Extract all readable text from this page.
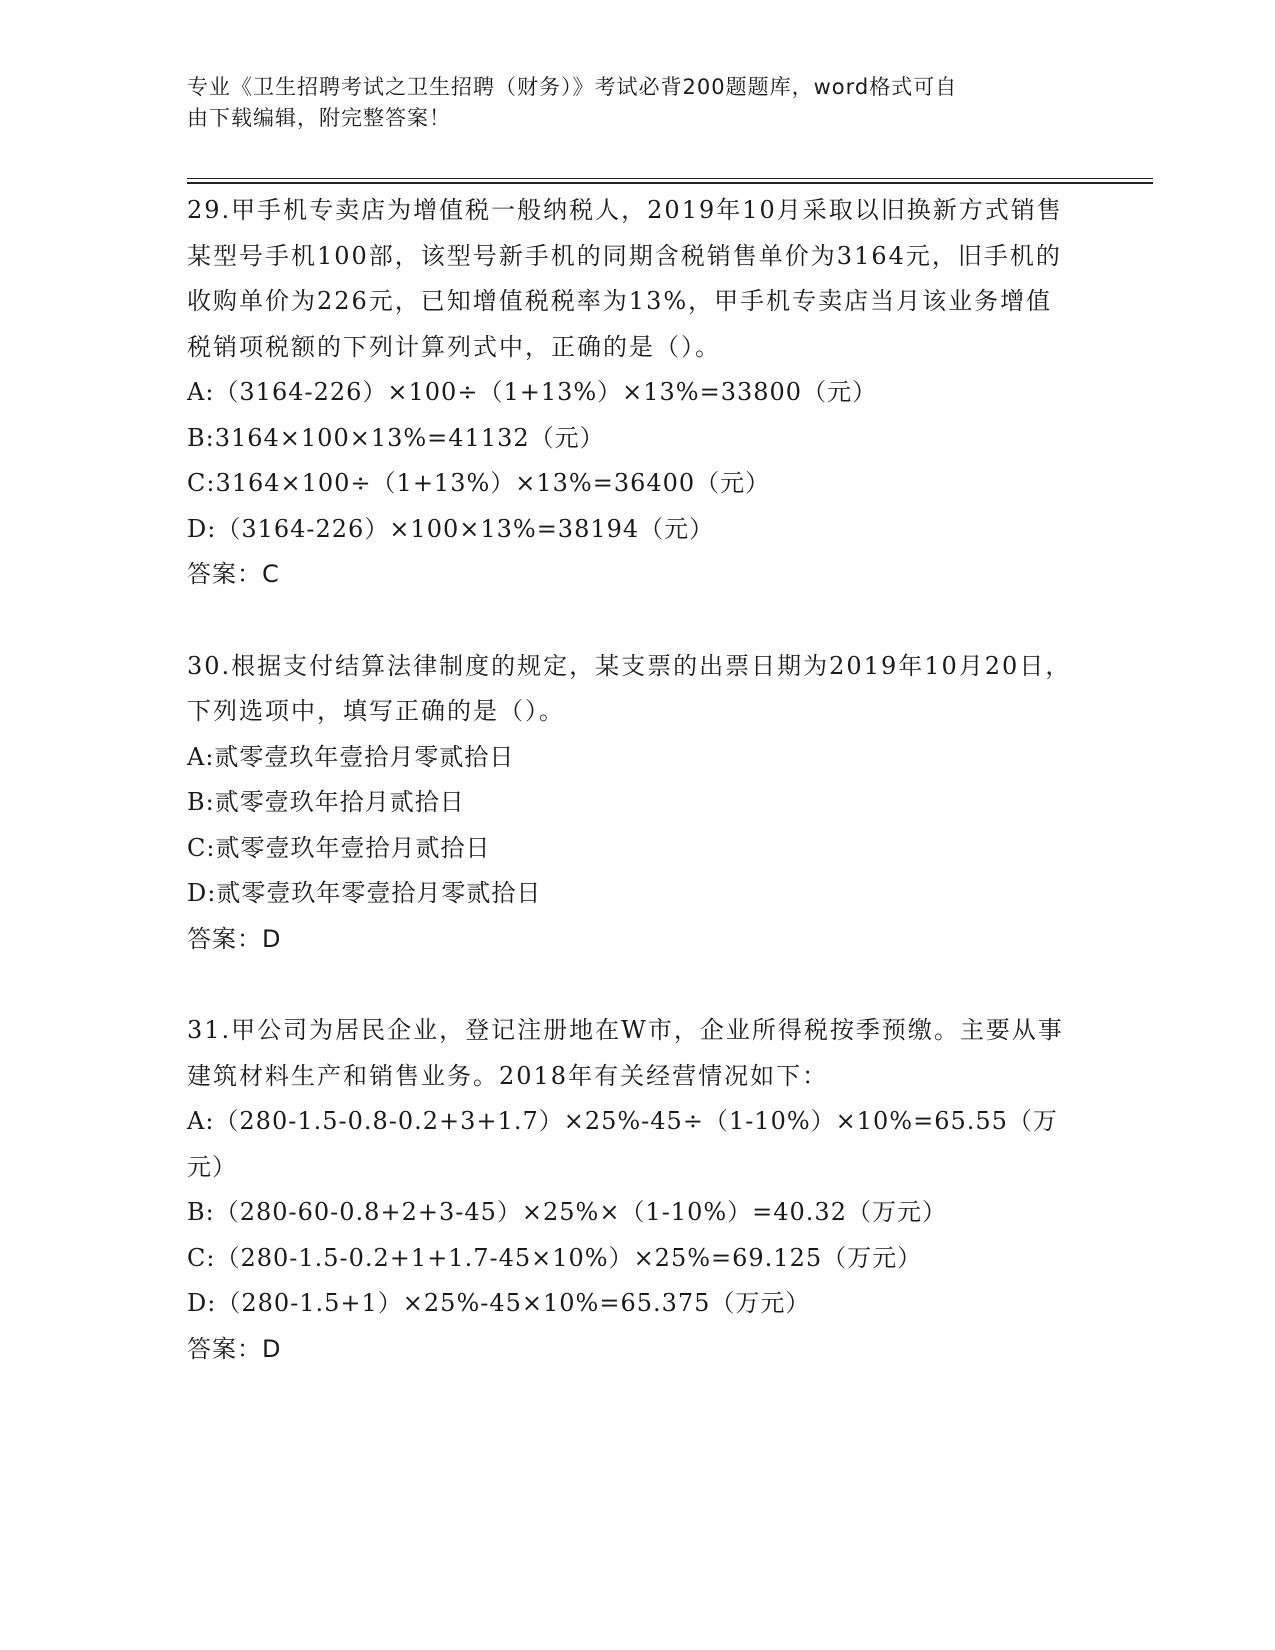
专业《卫生招聘考试之卫生招聘（财务）》考试必背200题题库，word格式可自
由下载编辑，附完整答案！

29.甲手机专卖店为增值税一般纳税人，2019年10月采取以旧换新方式销售某型号手机100部，该型号新手机的同期含税销售单价为3164元，旧手机的收购单价为226元，已知增值税税率为13%，甲手机专卖店当月该业务增值税销项税额的下列计算列式中，正确的是（）。

A:（3164-226）×100÷（1+13%）×13%=33800（元）

B:3164×100×13%=41132（元）

C:3164×100÷（1+13%）×13%=36400（元）

D:（3164-226）×100×13%=38194（元）

答案：C

30.根据支付结算法律制度的规定，某支票的出票日期为2019年10月20日，下列选项中，填写正确的是（）。

A:贰零壹玖年壹拾月零贰拾日

B:贰零壹玖年拾月贰拾日

C:贰零壹玖年壹拾月贰拾日

D:贰零壹玖年零壹拾月零贰拾日

答案：D

31.甲公司为居民企业，登记注册地在W市，企业所得税按季预缴。主要从事建筑材料生产和销售业务。2018年有关经营情况如下：

A:（280-1.5-0.8-0.2+3+1.7）×25%-45÷（1-10%）×10%=65.55（万元）

B:（280-60-0.8+2+3-45）×25%×（1-10%）=40.32（万元）

C:（280-1.5-0.2+1+1.7-45×10%）×25%=69.125（万元）

D:（280-1.5+1）×25%-45×10%=65.375（万元）

答案：D
